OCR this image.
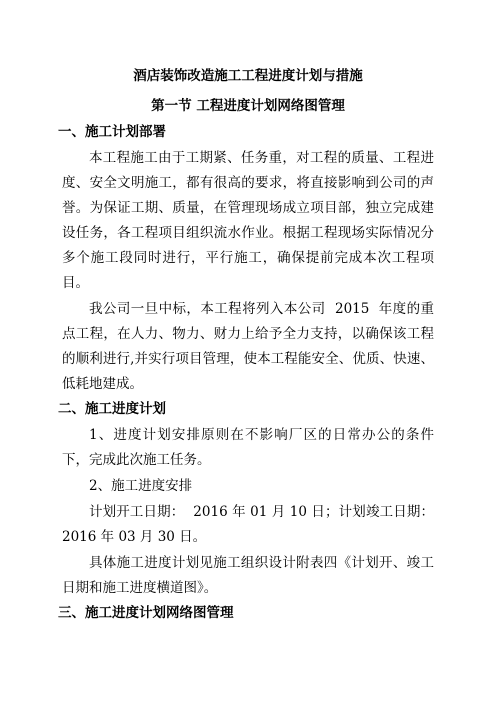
酒店装饰改造施工工程进度计划与措施
第一节 工程进度计划网络图管理
一、施工计划部署

本工程施工由于工期紧、任务重，对工程的质量、工程进度、安全文明施工，都有很高的要求，将直接影响到公司的声誉。为保证工期、质量，在管理现场成立项目部，独立完成建设任务，各工程项目组织流水作业。根据工程现场实际情况分多个施工段同时进行，平行施工，确保提前完成本次工程项目。

我公司一旦中标，本工程将列入本公司  2015  年度的重点工程，在人力、物力、财力上给予全力支持，以确保该工程的顺利进行,并实行项目管理，使本工程能安全、优质、快速、低耗地建成。

二、施工进度计划

1、进度计划安排原则在不影响厂区的日常办公的条件下，完成此次施工任务。

2、施工进度安排

计划开工日期：  2016 年 01 月 10 日；计划竣工日期：2016 年 03 月 30 日。

具体施工进度计划见施工组织设计附表四《计划开、竣工日期和施工进度横道图》。

三、施工进度计划网络图管理
